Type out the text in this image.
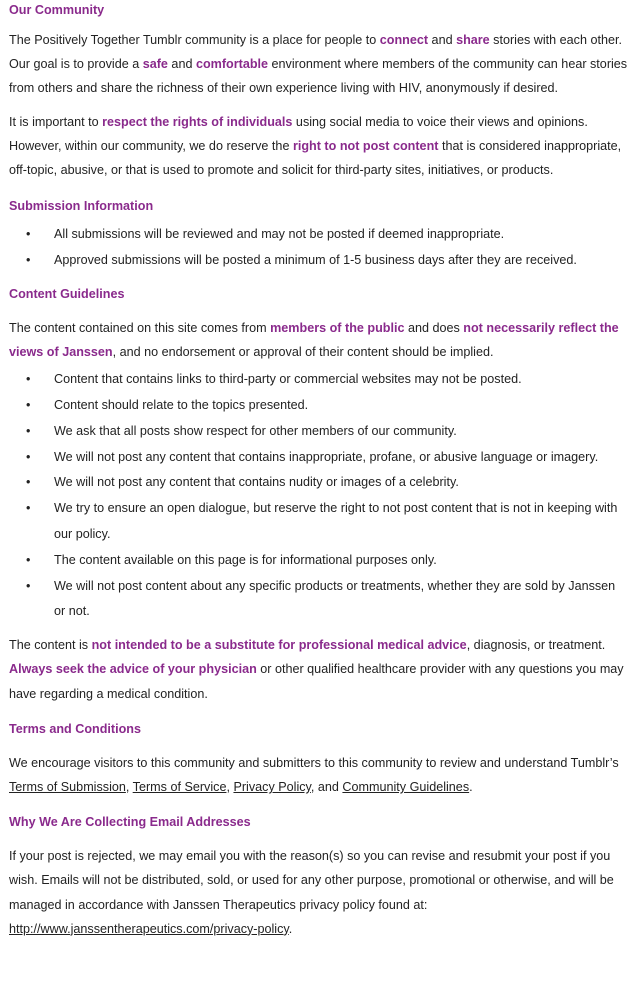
Our Community

The Positively Together Tumblr community is a place for people to connect and share stories with each other. Our goal is to provide a safe and comfortable environment where members of the community can hear stories from others and share the richness of their own experience living with HIV, anonymously if desired.

It is important to respect the rights of individuals using social media to voice their views and opinions. However, within our community, we do reserve the right to not post content that is considered inappropriate, off-topic, abusive, or that is used to promote and solicit for third-party sites, initiatives, or products.

Submission Information
• All submissions will be reviewed and may not be posted if deemed inappropriate.
• Approved submissions will be posted a minimum of 1-5 business days after they are received.
Content Guidelines

The content contained on this site comes from members of the public and does not necessarily reflect the views of Janssen, and no endorsement or approval of their content should be implied.

• Content that contains links to third-party or commercial websites may not be posted.
• Content should relate to the topics presented.
• We ask that all posts show respect for other members of our community.
• We will not post any content that contains inappropriate, profane, or abusive language or imagery.
• We will not post any content that contains nudity or images of a celebrity.
• We try to ensure an open dialogue, but reserve the right to not post content that is not in keeping with our policy.
• The content available on this page is for informational purposes only.
• We will not post content about any specific products or treatments, whether they are sold by Janssen or not.

The content is not intended to be a substitute for professional medical advice, diagnosis, or treatment. Always seek the advice of your physician or other qualified healthcare provider with any questions you may have regarding a medical condition.

Terms and Conditions

We encourage visitors to this community and submitters to this community to review and understand Tumblr’s Terms of Submission, Terms of Service, Privacy Policy, and Community Guidelines.

Why We Are Collecting Email Addresses

If your post is rejected, we may email you with the reason(s) so you can revise and resubmit your post if you wish. Emails will not be distributed, sold, or used for any other purpose, promotional or otherwise, and will be managed in accordance with Janssen Therapeutics privacy policy found at: http://www.janssentherapeutics.com/privacy-policy.
